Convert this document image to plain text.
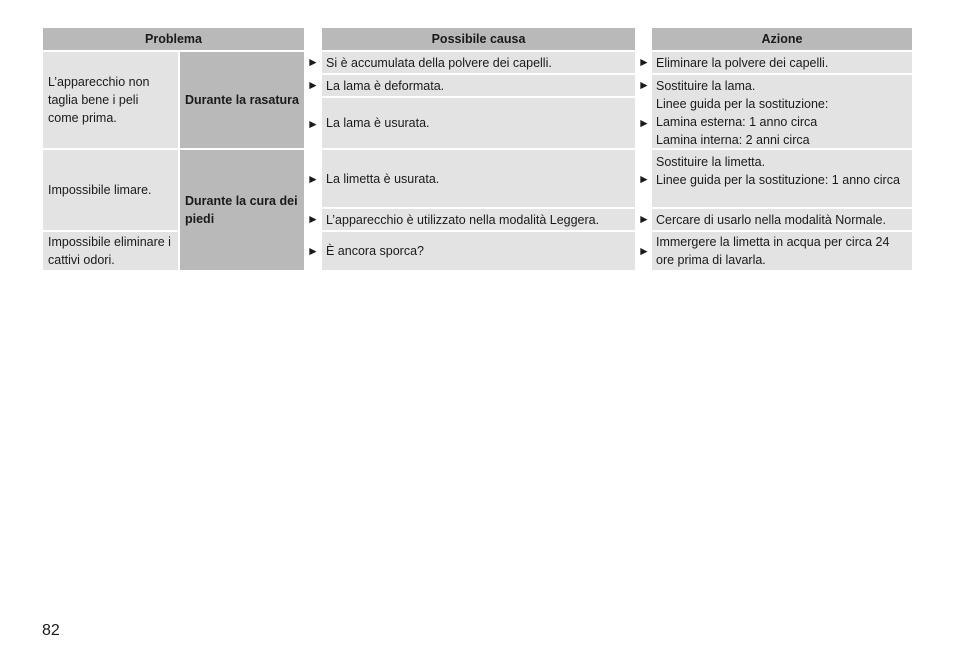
Problema	Possibile causa	Azione
L’apparecchio non taglia bene i peli come prima.
Impossibile limare.
Impossibile eliminare i cattivi odori.
Durante la rasatura
Durante la cura dei piedi
►
►
►
►
►
►
Si è accumulata della polvere dei capelli.
La lama è deformata.
La lama è usurata.
La limetta è usurata.
L’apparecchio è utilizzato nella modalità Leggera.
È ancora sporca?
►
►
►
►
►
►
Eliminare la polvere dei capelli.
Sostituire la lama.
Linee guida per la sostituzione:
Lamina esterna: 1 anno circa
Lamina interna: 2 anni circa
Sostituire la limetta.
Linee guida per la sostituzione: 1 anno circa
Cercare di usarlo nella modalità Normale.
Immergere la limetta in acqua per circa 24 ore prima di lavarla.
82
